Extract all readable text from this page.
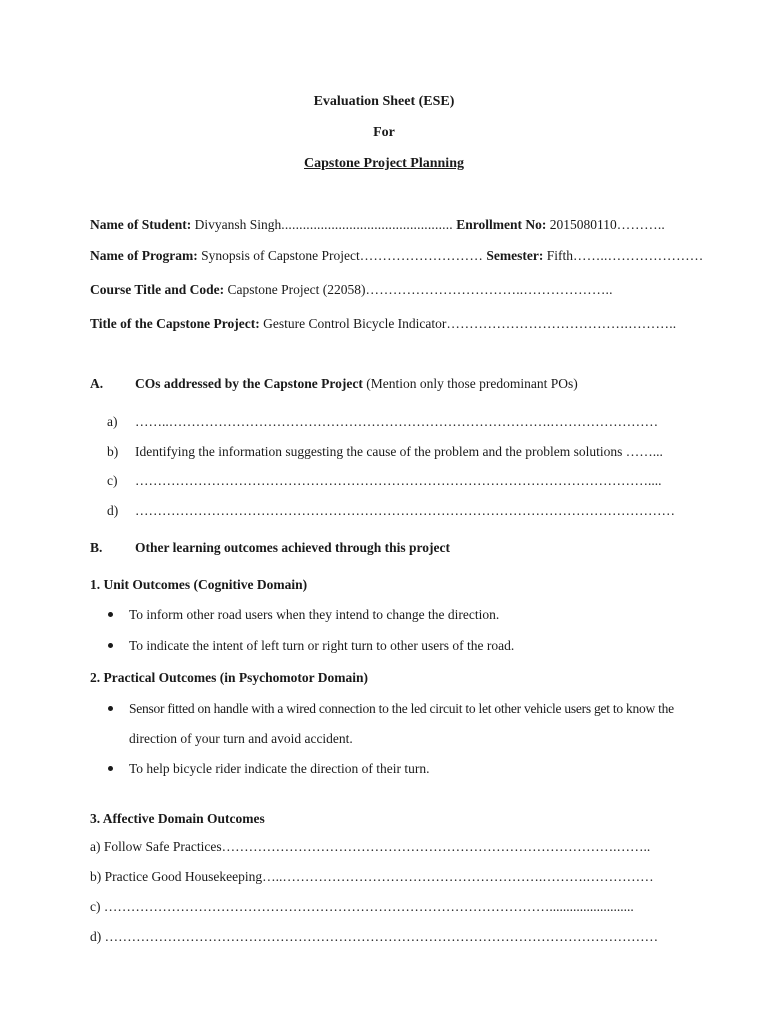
Evaluation Sheet (ESE)
For
Capstone Project Planning
Name of Student: Divyansh Singh................................................ Enrollment No: 2015080110………..
Name of Program: Synopsis of Capstone Project……………………… Semester: Fifth……..…………………
Course Title and Code: Capstone Project (22058)……………………………..………………..
Title of the Capstone Project: Gesture Control Bicycle Indicator………………………………….………..
A. COs addressed by the Capstone Project (Mention only those predominant POs)
a) ……..………………………………………………………………………….……………………
b) Identifying the information suggesting the cause of the problem and the problem solutions ……...
c) ……………………………………………………………………………………………………....
d) …………………………………………………………………………………………………………
B. Other learning outcomes achieved through this project
1. Unit Outcomes (Cognitive Domain)
To inform other road users when they intend to change the direction.
To indicate the intent of left turn or right turn to other users of the road.
2. Practical Outcomes (in Psychomotor Domain)
Sensor fitted on handle with a wired connection to the led circuit to let other vehicle users get to know the
direction of your turn and avoid accident.
To help bicycle rider indicate the direction of their turn.
3. Affective Domain Outcomes
a) Follow Safe Practices…………………………………………………………………………….……..
b) Practice Good Housekeeping…..………………………………………………….……….……………
c) ……………………………………………………………………………………….........................
d) ……………………………………………………………………………………………………………
